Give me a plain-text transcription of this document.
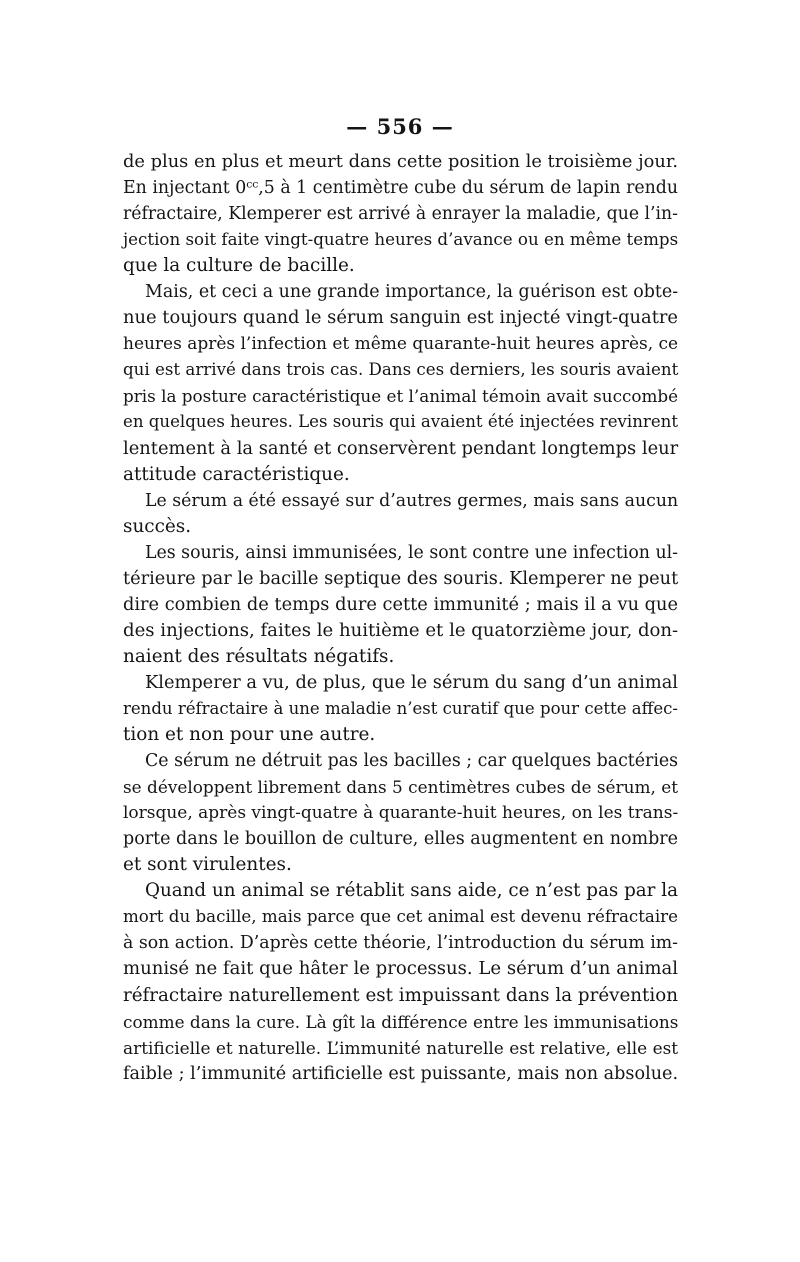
— 556 —
de plus en plus et meurt dans cette position le troisième jour.
En injectant 0ᶜᶜ,5 à 1 centimètre cube du sérum de lapin rendu
réfractaire, Klemperer est arrivé à enrayer la maladie, que l’in-
jection soit faite vingt-quatre heures d’avance ou en même temps
que la culture de bacille.
Mais, et ceci a une grande importance, la guérison est obte-
nue toujours quand le sérum sanguin est injecté vingt-quatre
heures après l’infection et même quarante-huit heures après, ce
qui est arrivé dans trois cas. Dans ces derniers, les souris avaient
pris la posture caractéristique et l’animal témoin avait succombé
en quelques heures. Les souris qui avaient été injectées revinrent
lentement à la santé et conservèrent pendant longtemps leur
attitude caractéristique.
Le sérum a été essayé sur d’autres germes, mais sans aucun
succès.
Les souris, ainsi immunisées, le sont contre une infection ul-
térieure par le bacille septique des souris. Klemperer ne peut
dire combien de temps dure cette immunité ; mais il a vu que
des injections, faites le huitième et le quatorzième jour, don-
naient des résultats négatifs.
Klemperer a vu, de plus, que le sérum du sang d’un animal
rendu réfractaire à une maladie n’est curatif que pour cette affec-
tion et non pour une autre.
Ce sérum ne détruit pas les bacilles ; car quelques bactéries
se développent librement dans 5 centimètres cubes de sérum, et
lorsque, après vingt-quatre à quarante-huit heures, on les trans-
porte dans le bouillon de culture, elles augmentent en nombre
et sont virulentes.
Quand un animal se rétablit sans aide, ce n’est pas par la
mort du bacille, mais parce que cet animal est devenu réfractaire
à son action. D’après cette théorie, l’introduction du sérum im-
munisé ne fait que hâter le processus. Le sérum d’un animal
réfractaire naturellement est impuissant dans la prévention
comme dans la cure. Là gît la différence entre les immunisations
artificielle et naturelle. L’immunité naturelle est relative, elle est
faible ; l’immunité artificielle est puissante, mais non absolue.
